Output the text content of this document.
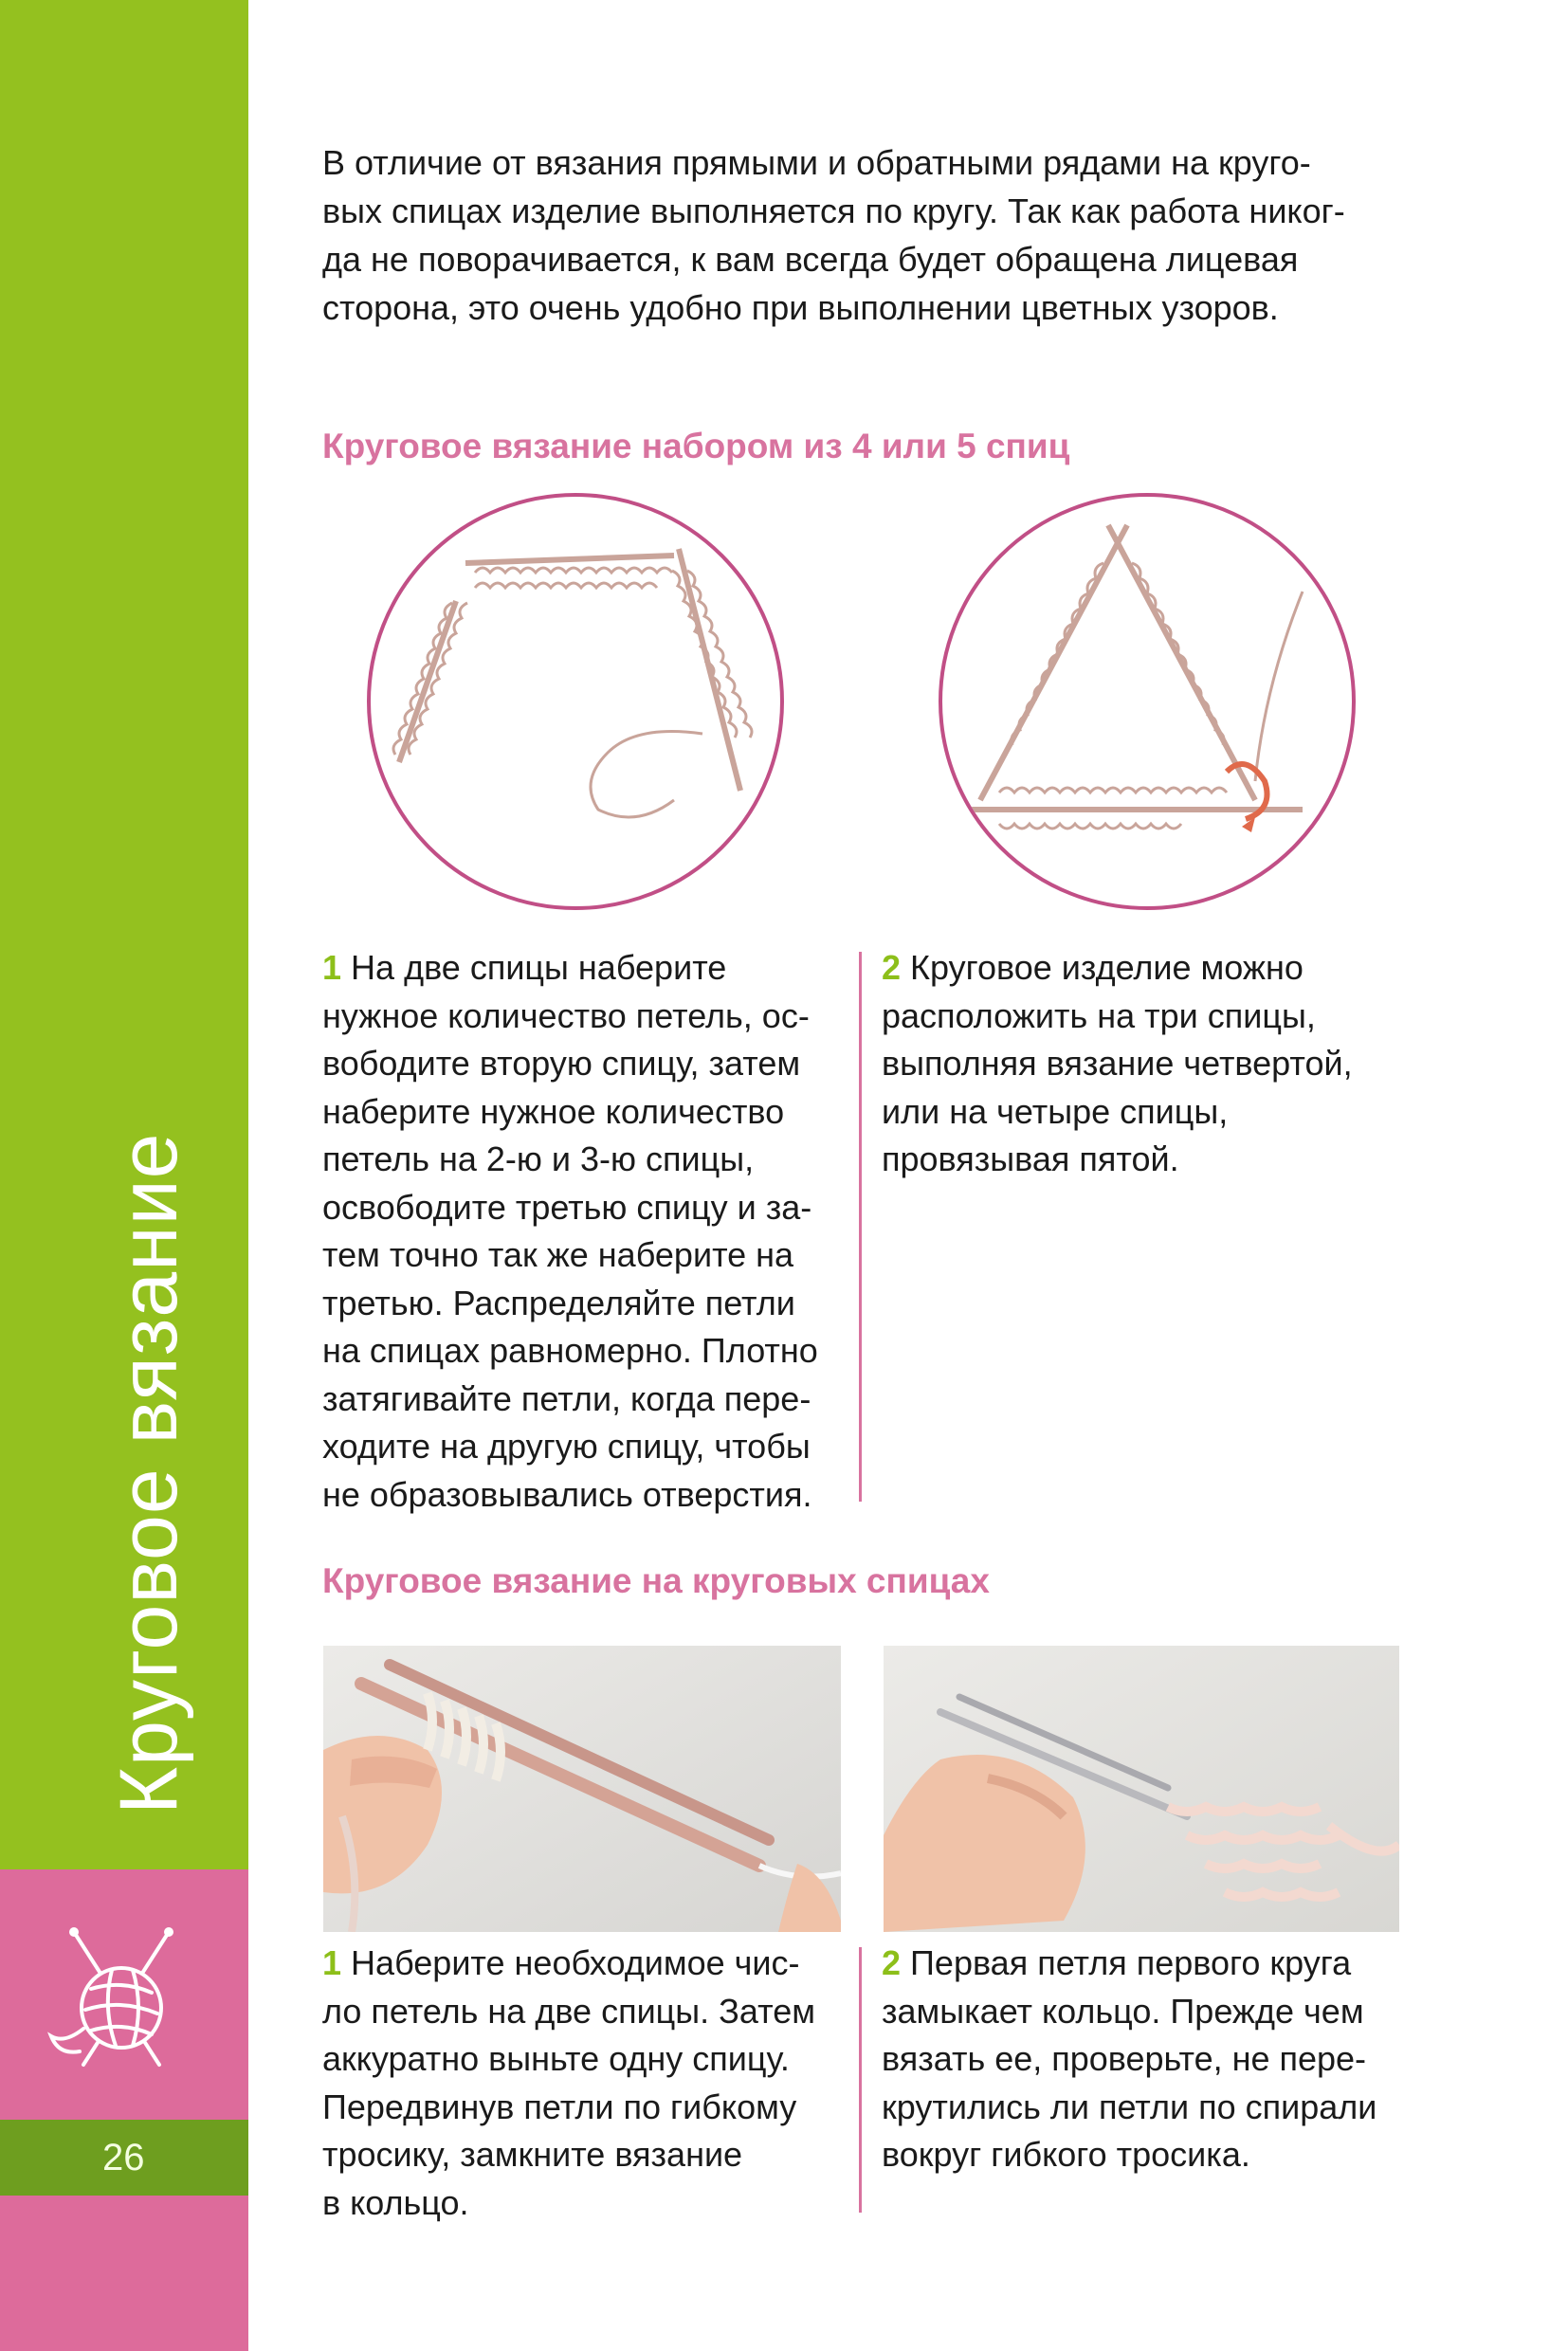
26
Круговое вязание

В отличие от вязания прямыми и обратными рядами на круго-
вых спицах изделие выполняется по кругу. Так как работа никог-
да не поворачивается, к вам всегда будет обращена лицевая
сторона, это очень удобно при выполнении цветных узоров.

Круговое вязание набором из 4 или 5 спиц

1 На две спицы наберите
нужное количество петель, ос-
вободите вторую спицу, затем
наберите нужное количество
петель на 2-ю и 3-ю спицы,
освободите третью спицу и за-
тем точно так же наберите на
третью. Распределяйте петли
на спицах равномерно. Плотно
затягивайте петли, когда пере-
ходите на другую спицу, чтобы
не образовывались отверстия.

2 Круговое изделие можно
расположить на три спицы,
выполняя вязание четвертой,
или на четыре спицы,
провязывая пятой.

Круговое вязание на круговых спицах

1 Наберите необходимое чис-
ло петель на две спицы. Затем
аккуратно выньте одну спицу.
Передвинув петли по гибкому
тросику, замкните вязание
в кольцо.

2 Первая петля первого круга
замыкает кольцо. Прежде чем
вязать ее, проверьте, не пере-
крутились ли петли по спирали
вокруг гибкого тросика.
